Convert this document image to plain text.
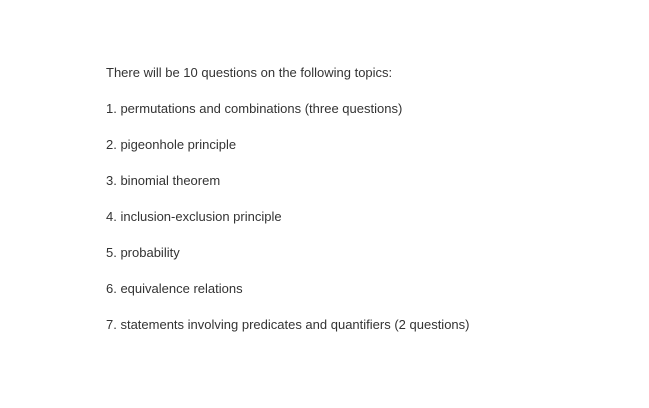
There will be 10 questions on the following topics:

1. permutations and combinations (three questions)

2. pigeonhole principle

3. binomial theorem

4. inclusion-exclusion principle

5. probability

6. equivalence relations

7. statements involving predicates and quantifiers (2 questions)
